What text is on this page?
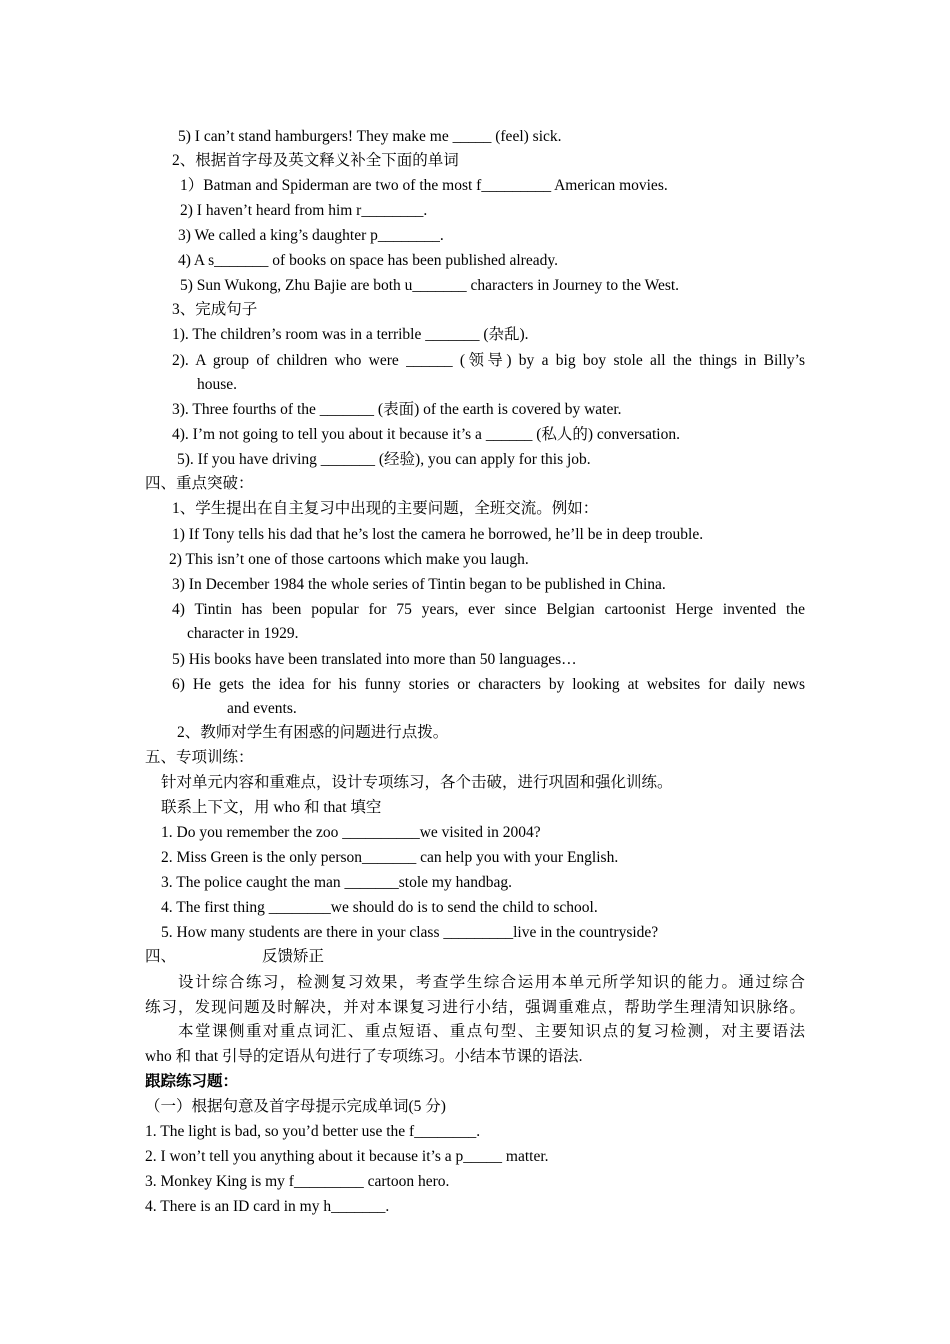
5) I can’t stand hamburgers! They make me _____ (feel) sick.
2、根据首字母及英文释义补全下面的单词
1）Batman and Spiderman are two of the most f_________ American movies.
2) I haven’t heard from him r________.
3) We called a king’s daughter p________.
4) A s_______ of books on space has been published already.
5) Sun Wukong, Zhu Bajie are both u_______ characters in Journey to the West.
3、完成句子
1). The children’s room was in a terrible _______ (杂乱).
2). A group of children who were ______ (领导) by a big boy stole all the things in Billy’s
house.
3). Three fourths of the _______ (表面) of the earth is covered by water.
4). I’m not going to tell you about it because it’s a ______ (私人的) conversation.
5). If you have driving _______ (经验), you can apply for this job.
四、重点突破：
1、学生提出在自主复习中出现的主要问题，全班交流。例如：
1) If Tony tells his dad that he’s lost the camera he borrowed, he’ll be in deep trouble.
2) This isn’t one of those cartoons which make you laugh.
3) In December 1984 the whole series of Tintin began to be published in China.
4) Tintin has been popular for 75 years, ever since Belgian cartoonist Herge invented the
character in 1929.
5) His books have been translated into more than 50 languages…
6) He gets the idea for his funny stories or characters by looking at websites for daily news
and events.
2、教师对学生有困惑的问题进行点拨。
五、专项训练：
针对单元内容和重难点，设计专项练习，各个击破，进行巩固和强化训练。
联系上下文，用 who 和 that 填空
1. Do you remember the zoo __________we visited in 2004?
2. Miss Green is the only person_______ can help you with your English.
3. The police caught the man _______stole my handbag.
4. The first thing ________we should do is to send the child to school.
5. How many students are there in your class _________live in the countryside?
四、	反馈矫正
设计综合练习，检测复习效果，考查学生综合运用本单元所学知识的能力。通过综合
练习，发现问题及时解决，并对本课复习进行小结，强调重难点，帮助学生理清知识脉络。
本堂课侧重对重点词汇、重点短语、重点句型、主要知识点的复习检测，对主要语法
who 和 that 引导的定语从句进行了专项练习。小结本节课的语法.
跟踪练习题：
（一）根据句意及首字母提示完成单词(5 分)
1. The light is bad, so you’d better use the f________.
2. I won’t tell you anything about it because it’s a p_____ matter.
3. Monkey King is my f_________ cartoon hero.
4. There is an ID card in my h_______.
